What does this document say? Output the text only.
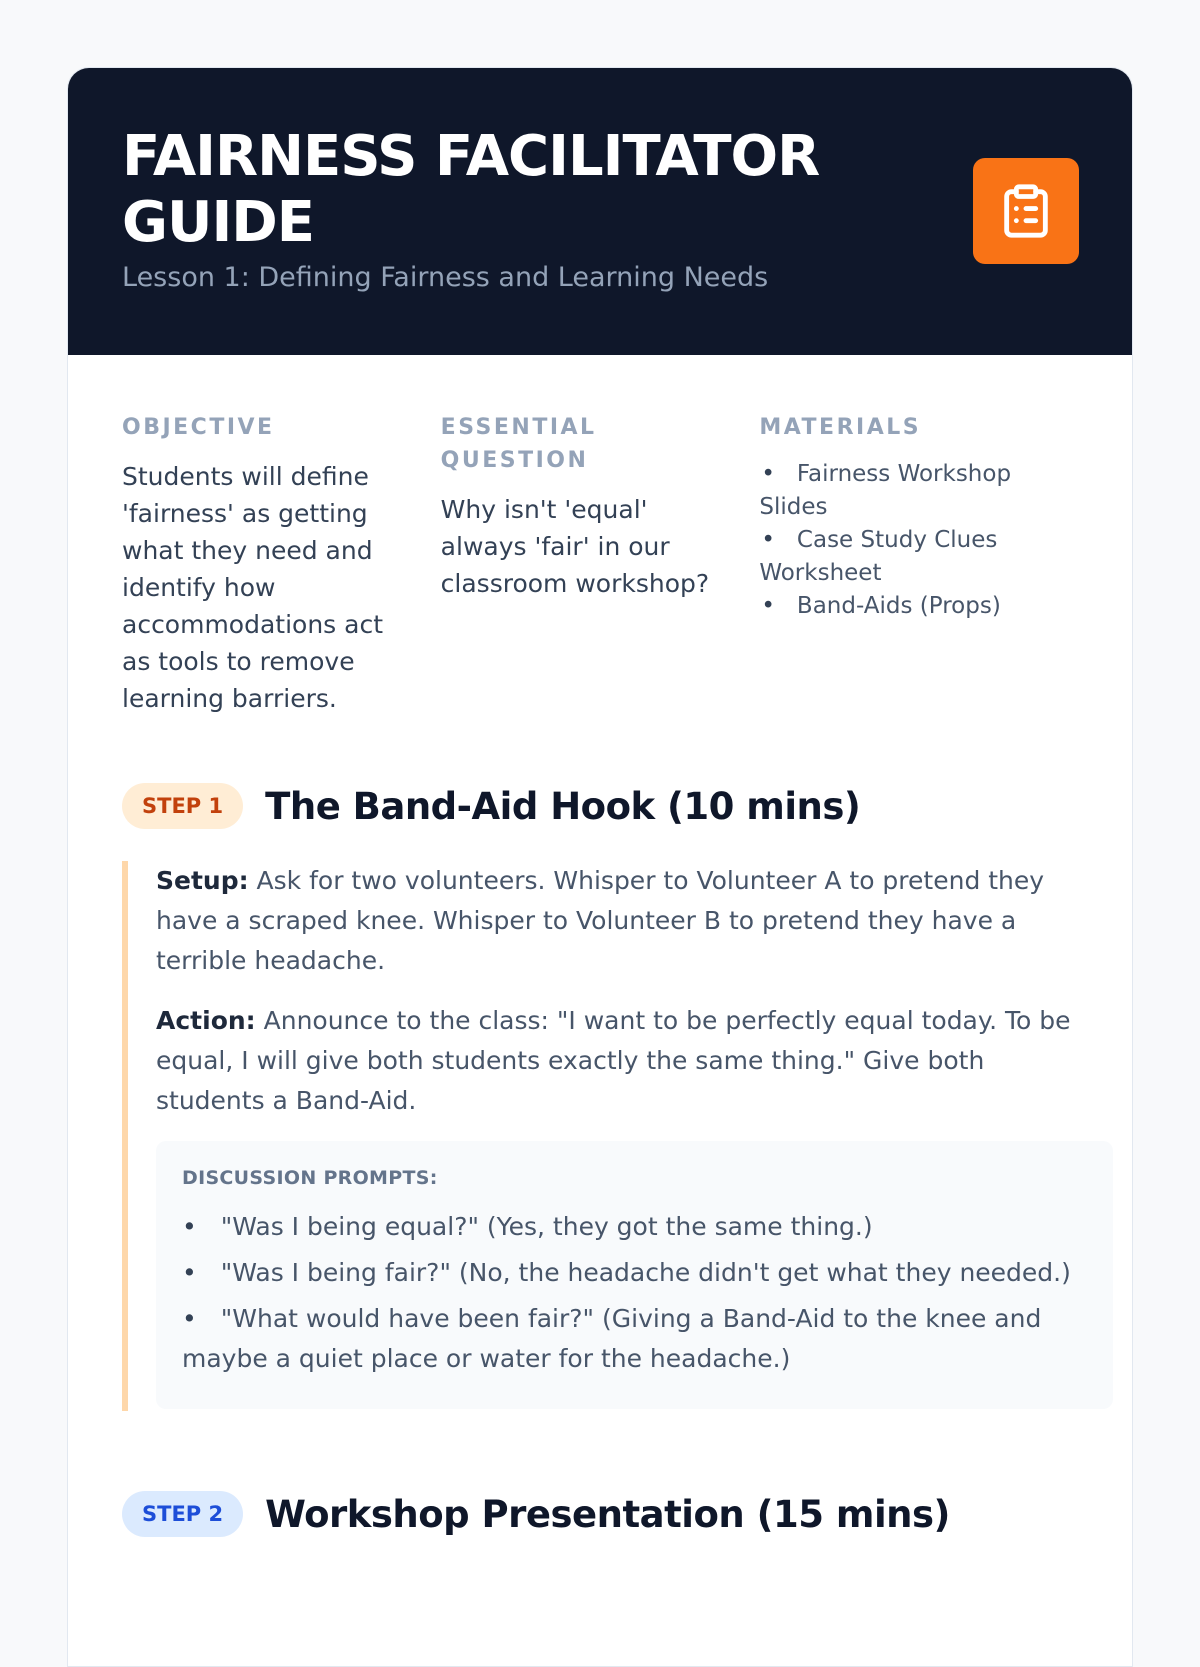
FAIRNESS FACILITATOR GUIDE
Lesson 1: Defining Fairness and Learning Needs
OBJECTIVE
Students will define 'fairness' as getting what they need and identify how accommodations act as tools to remove learning barriers.
ESSENTIAL QUESTION
Why isn't 'equal' always 'fair' in our classroom workshop?
MATERIALS
• Fairness Workshop Slides
• Case Study Clues Worksheet
• Band-Aids (Props)
STEP 1	The Band-Aid Hook (10 mins)

Setup: Ask for two volunteers. Whisper to Volunteer A to pretend they have a scraped knee. Whisper to Volunteer B to pretend they have a terrible headache.

Action: Announce to the class: "I want to be perfectly equal today. To be equal, I will give both students exactly the same thing." Give both students a Band-Aid.

DISCUSSION PROMPTS:
• "Was I being equal?" (Yes, they got the same thing.)
• "Was I being fair?" (No, the headache didn't get what they needed.)
• "What would have been fair?" (Giving a Band-Aid to the knee and maybe a quiet place or water for the headache.)
STEP 2	Workshop Presentation (15 mins)
